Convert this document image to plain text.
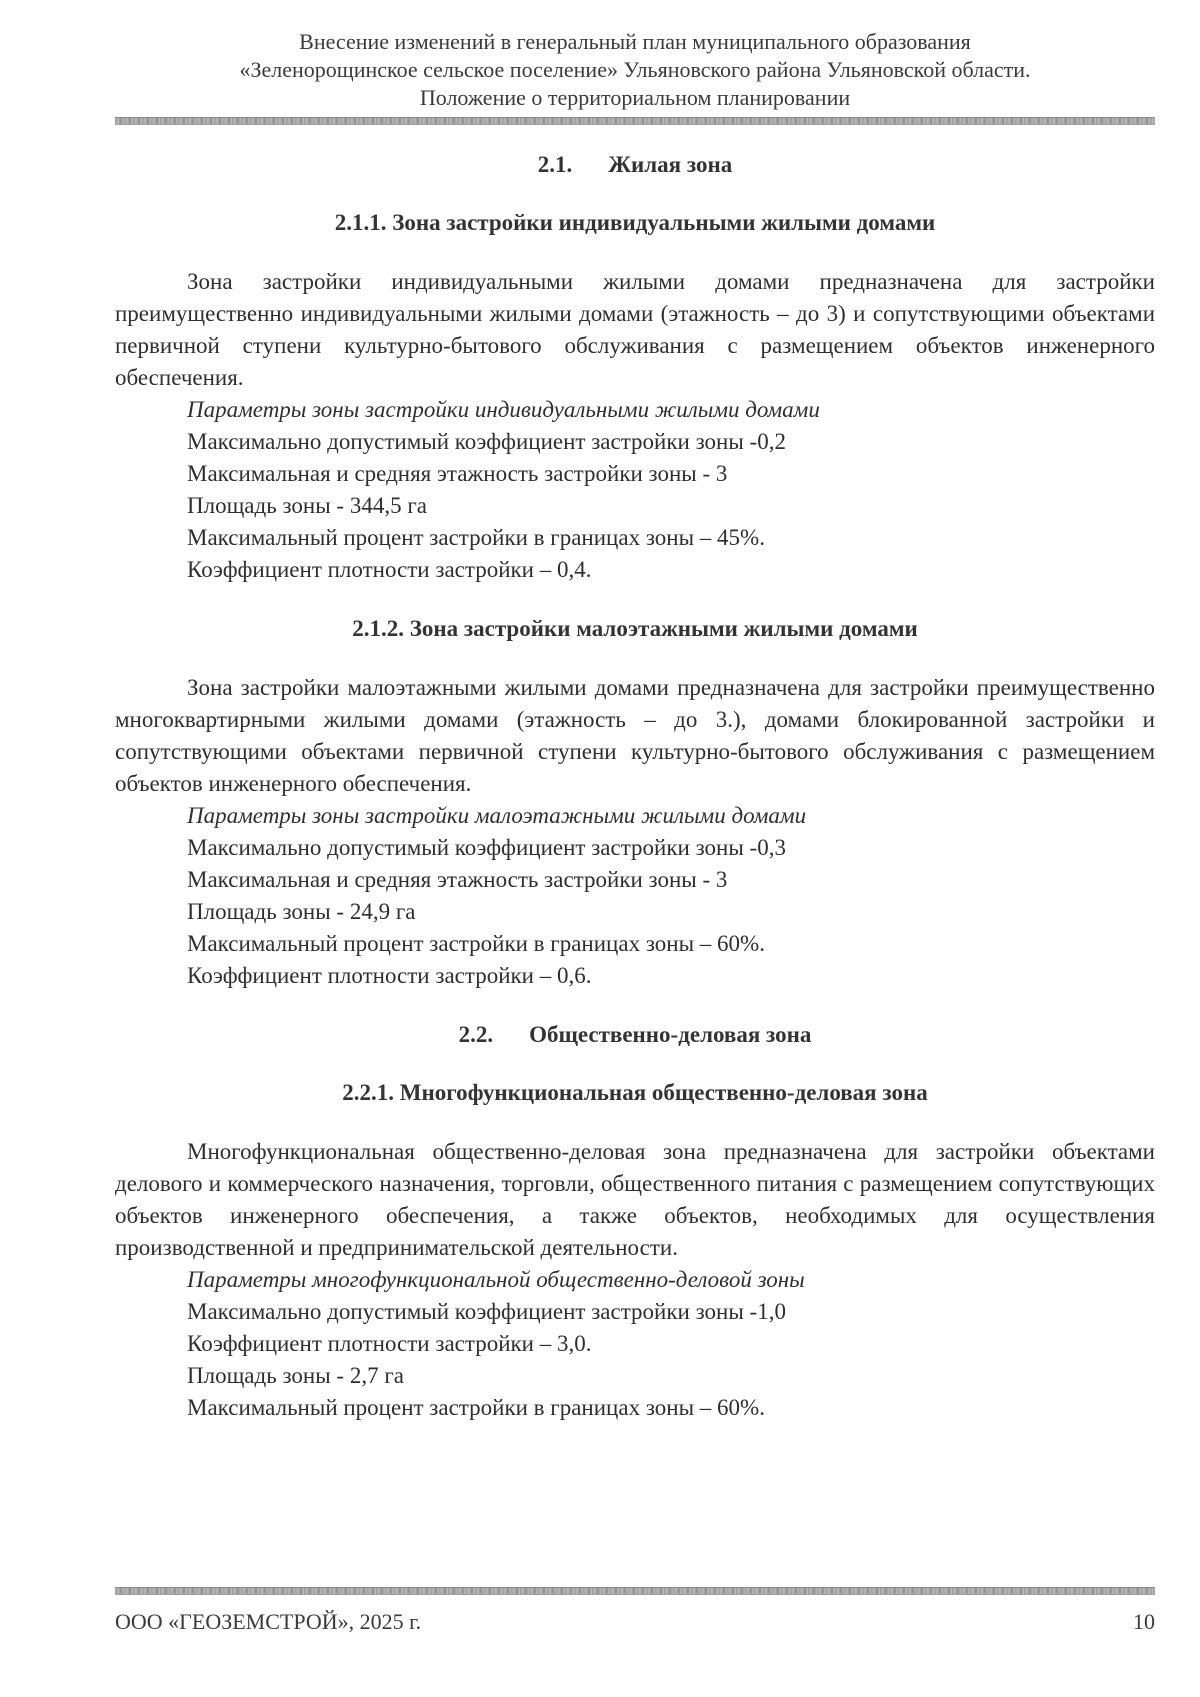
Внесение изменений в генеральный план муниципального образования
«Зеленорощинское сельское поселение» Ульяновского района Ульяновской области.
Положение о территориальном планировании
2.1. Жилая зона
2.1.1. Зона застройки индивидуальными жилыми домами
Зона застройки индивидуальными жилыми домами предназначена для застройки преимущественно индивидуальными жилыми домами (этажность – до 3) и сопутствующими объектами первичной ступени культурно-бытового обслуживания с размещением объектов инженерного обеспечения.
Параметры зоны застройки индивидуальными жилыми домами
Максимально допустимый коэффициент застройки зоны -0,2
Максимальная и средняя этажность застройки зоны - 3
Площадь зоны - 344,5 га
Максимальный процент застройки в границах зоны – 45%.
Коэффициент плотности застройки – 0,4.
2.1.2. Зона застройки малоэтажными жилыми домами
Зона застройки малоэтажными жилыми домами предназначена для застройки преимущественно многоквартирными жилыми домами (этажность – до 3.), домами блокированной застройки и сопутствующими объектами первичной ступени культурно-бытового обслуживания с размещением объектов инженерного обеспечения.
Параметры зоны застройки малоэтажными жилыми домами
Максимально допустимый коэффициент застройки зоны -0,3
Максимальная и средняя этажность застройки зоны - 3
Площадь зоны - 24,9 га
Максимальный процент застройки в границах зоны – 60%.
Коэффициент плотности застройки – 0,6.
2.2. Общественно-деловая зона
2.2.1. Многофункциональная общественно-деловая зона
Многофункциональная общественно-деловая зона предназначена для застройки объектами делового и коммерческого назначения, торговли, общественного питания с размещением сопутствующих объектов инженерного обеспечения, а также объектов, необходимых для осуществления производственной и предпринимательской деятельности.
Параметры многофункциональной общественно-деловой зоны
Максимально допустимый коэффициент застройки зоны -1,0
Коэффициент плотности застройки – 3,0.
Площадь зоны - 2,7 га
Максимальный процент застройки в границах зоны – 60%.
ООО «ГЕОЗЕМСТРОЙ», 2025 г.	10
